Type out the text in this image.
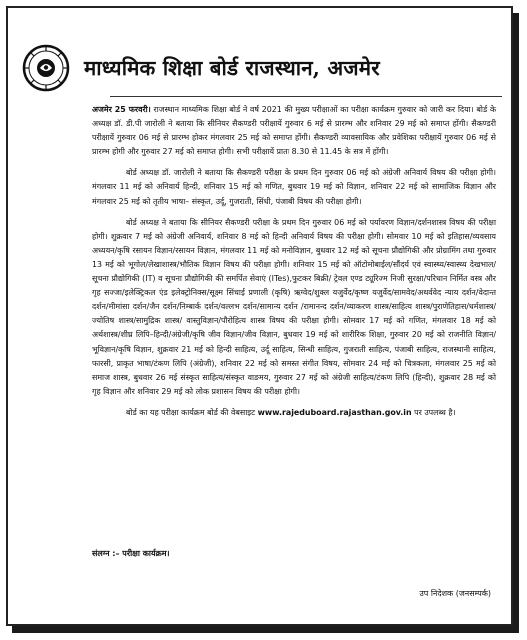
माध्यमिक शिक्षा बोर्ड राजस्थान, अजमेर

अजमेर 25 फरवरी। राजस्थान माध्यमिक शिक्षा बोर्ड ने वर्ष 2021 की मुख्य परीक्षाओं का परीक्षा कार्यक्रम गुरुवार को जारी कर दिया। बोर्ड के अध्यक्ष डॉ. डी.पी जारोली ने बताया कि सीनियर सैकण्डरी परीक्षायें गुरुवार 6 मई से प्रारम्भ और शनिवार 29 मई को समाप्त होंगी। सैकण्डरी परीक्षायें गुरुवार 06 मई से प्रारम्भ होकर मंगलवार 25 मई को समाप्त होंगी। सैकण्डरी व्यावसायिक और प्रवेशिका परीक्षायें गुरुवार 06 मई से प्रारम्भ होगी और गुरुवार 27 मई को समाप्त होगी। सभी परीक्षायें प्रातः 8.30 से 11.45 के सत्र में होंगी।

बोर्ड अध्यक्ष डॉ. जारोली ने बताया कि सैकण्डरी परीक्षा के प्रथम दिन गुरुवार 06 मई को अंग्रेजी अनिवार्य विषय की परीक्षा होगी। मंगलवार 11 मई को अनिवार्य हिन्दी, शनिवार 15 मई को गणित, बुधवार 19 मई को विज्ञान, शनिवार 22 मई को सामाजिक विज्ञान और मंगलवार 25 मई को तृतीय भाषा– संस्कृत, उर्दू, गुजराती, सिंधी, पंजाबी विषय की परीक्षा होगी।

बोर्ड अध्यक्ष ने बताया कि सीनियर सैकण्डरी परीक्षा के प्रथम दिन गुरुवार 06 मई को पर्यावरण विज्ञान/दर्शनशास्त्र विषय की परीक्षा होगी। शुक्रवार 7 मई को अंग्रेजी अनिवार्य, शनिवार 8 मई को हिन्दी अनिवार्य विषय की परीक्षा होगी। सोमवार 10 मई को इतिहास/व्यवसाय अध्ययन/कृषि रसायन विज्ञान/रसायन विज्ञान, मंगलवार 11 मई को मनोविज्ञान, बुधवार 12 मई को सूचना प्रौद्योगिकी और प्रोग्रामिंग तथा गुरुवार 13 मई को भूगोल/लेखाशास्त्र/भौतिक विज्ञान विषय की परीक्षा होगी। शनिवार 15 मई को ऑटोमोबाईल/सौंदर्य एवं स्वास्थ्य/स्वास्थ्य देखभाल/सूचना प्रौद्योगिकी (IT) व सूचना प्रौद्योगिकी की समर्पित सेवाएं (ITes),फुटकर बिक्री/ ट्रेवल एण्ड ट्यूरिज्म निजी सुरक्षा/परिधान निर्मित वस्त्र और गृह सज्जा/इलेक्ट्रिकल एंड इलेक्ट्रोनिक्स/सूक्ष्म सिंचाई प्रणाली (कृषि) ऋग्वेद/शुक्ल यजुर्वेद/कृष्ण यजुर्वेद/सामवेद/अथर्ववेद न्याय दर्शन/वेदान्त दर्शन/मीमांसा दर्शन/जैन दर्शन/निम्बार्क दर्शन/वल्लभ दर्शन/सामान्य दर्शन /रामानन्द दर्शन/व्याकरण शास्त्र/साहित्य शास्त्र/पुराणेतिहास/धर्मशास्त्र/ज्योतिष शास्त्र/सामुद्रिक शास्त्र/ वास्तुविज्ञान/पौरोहित्य शास्त्र विषय की परीक्षा होगी। सोमवार 17 मई को गणित, मंगलवार 18 मई को अर्थशास्त्र/शीघ्र लिपि–हिन्दी/अंग्रेजी/कृषि जीव विज्ञान/जीव विज्ञान, बुधवार 19 मई को शारीरिक शिक्षा, गुरुवार 20 मई को राजनीति विज्ञान/भूविज्ञान/कृषि विज्ञान, शुक्रवार 21 मई को हिन्दी साहित्य, उर्दू साहित्य, सिन्धी साहित्य, गुजराती साहित्य, पंजाबी साहित्य, राजस्थानी साहित्य, फारसी, प्राकृत भाषा/टंकण लिपि (अंग्रेजी), शनिवार 22 मई को समस्त संगीत विषय, सोमवार 24 मई को चित्रकला, मंगलवार 25 मई को समाज शास्त्र, बुधवार 26 मई संस्कृत साहित्य/संस्कृत वाङमय, गुरुवार 27 मई को अंग्रेजी साहित्य/टंकण लिपि (हिन्दी), शुक्रवार 28 मई को गृह विज्ञान और शनिवार 29 मई को लोक प्रशासन विषय की परीक्षा होगी।

बोर्ड का यह परीक्षा कार्यक्रम बोर्ड की वेबसाइट www.rajeduboard.rajasthan.gov.in पर उपलब्ध है।

संलग्न :– परीक्षा कार्यक्रम।
उप निदेशक (जनसम्पर्क)
